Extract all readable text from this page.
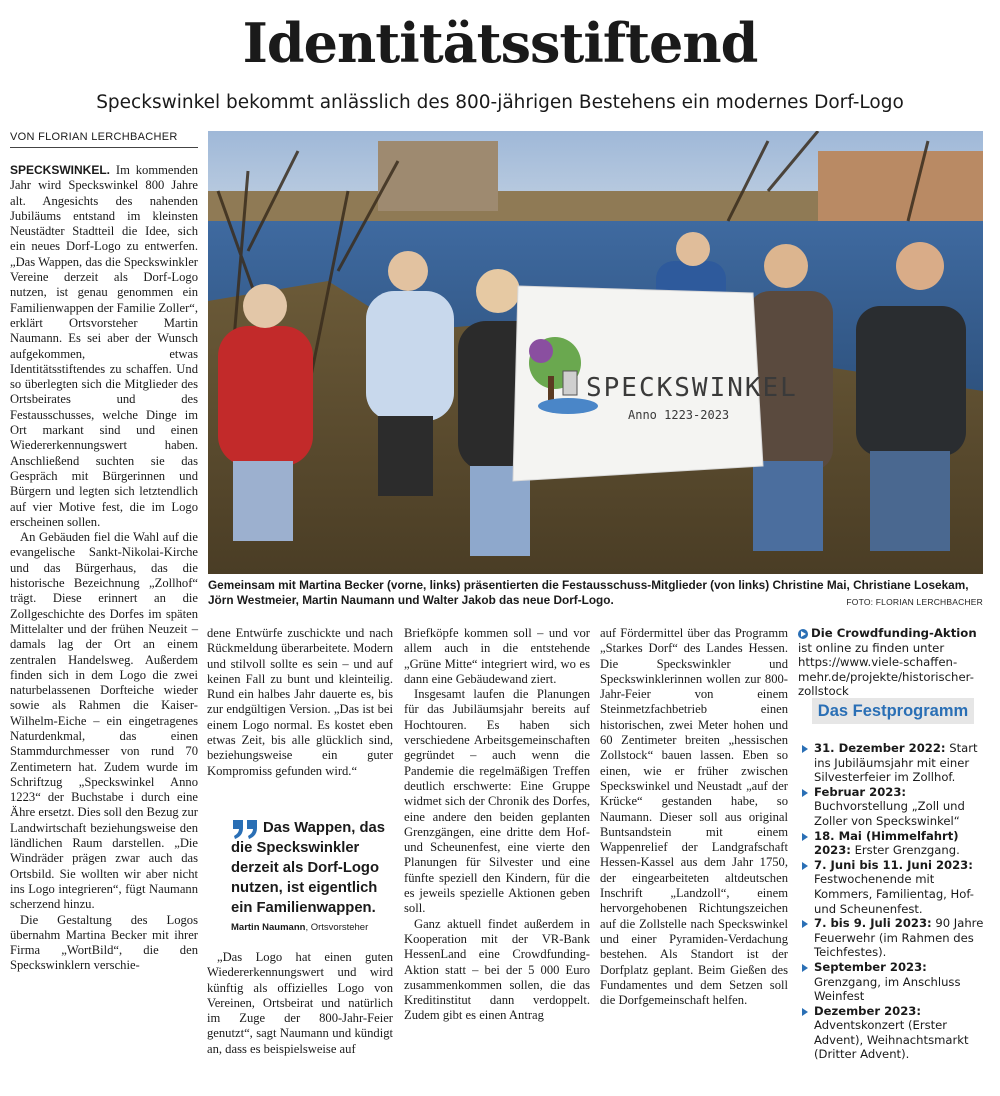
Identitätsstiftend
Speckswinkel bekommt anlässlich des 800-jährigen Bestehens ein modernes Dorf-Logo
VON FLORIAN LERCHBACHER

SPECKSWINKEL. Im kommenden Jahr wird Speckswinkel 800 Jahre alt. Angesichts des nahenden Jubiläums entstand im kleinsten Neustädter Stadtteil die Idee, sich ein neues Dorf-Logo zu entwerfen. „Das Wappen, das die Speckswinkler Vereine derzeit als Dorf-Logo nutzen, ist genau genommen ein Familienwappen der Familie Zoller“, erklärt Ortsvorsteher Martin Naumann. Es sei aber der Wunsch aufgekommen, etwas Identitätsstiftendes zu schaffen. Und so überlegten sich die Mitglieder des Ortsbeirates und des Festausschusses, welche Dinge im Ort markant sind und einen Wiedererkennungswert haben. Anschließend suchten sie das Gespräch mit Bürgerinnen und Bürgern und legten sich letztendlich auf vier Motive fest, die im Logo erscheinen sollen.

An Gebäuden fiel die Wahl auf die evangelische Sankt-Nikolai-Kirche und das Bürgerhaus, das die historische Bezeichnung „Zollhof“ trägt. Diese erinnert an die Zollgeschichte des Dorfes im späten Mittelalter und der frühen Neuzeit – damals lag der Ort an einem zentralen Handelsweg. Außerdem finden sich in dem Logo die zwei naturbelassenen Dorfteiche wieder sowie als Rahmen die Kaiser-Wilhelm-Eiche – ein eingetragenes Naturdenkmal, das einen Stammdurchmesser von rund 70 Zentimetern hat. Zudem wurde im Schriftzug „Speckswinkel Anno 1223“ der Buchstabe i durch eine Ähre ersetzt. Dies soll den Bezug zur Landwirtschaft beziehungsweise den ländlichen Raum darstellen. „Die Windräder prägen zwar auch das Ortsbild. Sie wollten wir aber nicht ins Logo integrieren“, fügt Naumann scherzend hinzu.

Die Gestaltung des Logos übernahm Martina Becker mit ihrer Firma „WortBild“, die den Speckswinklern verschie-

SPECKSWINKEL
Anno 1223-2023
Gemeinsam mit Martina Becker (vorne, links) präsentierten die Festausschuss-Mitglieder (von links) Christine Mai, Christiane Losekam, Jörn Westmeier, Martin Naumann und Walter Jakob das neue Dorf-Logo.	FOTO: FLORIAN LERCHBACHER

dene Entwürfe zuschickte und nach Rückmeldung überarbeitete. Modern und stilvoll sollte es sein – und auf keinen Fall zu bunt und kleinteilig. Rund ein halbes Jahr dauerte es, bis zur endgültigen Version. „Das ist bei einem Logo normal. Es kostet eben etwas Zeit, bis alle glücklich sind, beziehungsweise ein guter Kompromiss gefunden wird.“

„Das Logo hat einen guten Wiedererkennungswert und wird künftig als offizielles Logo von Vereinen, Ortsbeirat und natürlich im Zuge der 800-Jahr-Feier genutzt“, sagt Naumann und kündigt an, dass es beispielsweise auf

Das Wappen, das die Speckswinkler derzeit als Dorf-Logo nutzen, ist eigentlich ein Familienwappen.

Martin Naumann, Ortsvorsteher

Briefköpfe kommen soll – und vor allem auch in die entstehende „Grüne Mitte“ integriert wird, wo es dann eine Gebäudewand ziert.

Insgesamt laufen die Planungen für das Jubiläumsjahr bereits auf Hochtouren. Es haben sich verschiedene Arbeitsgemeinschaften gegründet – auch wenn die Pandemie die regelmäßigen Treffen deutlich erschwerte: Eine Gruppe widmet sich der Chronik des Dorfes, eine andere den beiden geplanten Grenzgängen, eine dritte dem Hof- und Scheunenfest, eine vierte den Planungen für Silvester und eine fünfte speziell den Kindern, für die es jeweils spezielle Aktionen geben soll.

Ganz aktuell findet außerdem in Kooperation mit der VR-Bank HessenLand eine Crowdfunding-Aktion statt – bei der 5 000 Euro zusammenkommen sollen, die das Kreditinstitut dann verdoppelt. Zudem gibt es einen Antrag

auf Fördermittel über das Programm „Starkes Dorf“ des Landes Hessen. Die Speckswinkler und Speckswinklerinnen wollen zur 800-Jahr-Feier von einem Steinmetzfachbetrieb einen historischen, zwei Meter hohen und 60 Zentimeter breiten „hessischen Zollstock“ bauen lassen. Eben so einen, wie er früher zwischen Speckswinkel und Neustadt „auf der Krücke“ gestanden habe, so Naumann. Dieser soll aus original Buntsandstein mit einem Wappenrelief der Landgrafschaft Hessen-Kassel aus dem Jahr 1750, der eingearbeiteten altdeutschen Inschrift „Landzoll“, einem hervorgehobenen Richtungszeichen auf die Zollstelle nach Speckswinkel und einer Pyramiden-Verdachung bestehen. Als Standort ist der Dorfplatz geplant. Beim Gießen des Fundamentes und dem Setzen soll die Dorfgemeinschaft helfen.

Die Crowdfunding-Aktion ist online zu finden unter https://www.viele-schaffen-mehr.de/projekte/historischer-zollstock
Das Festprogramm
31. Dezember 2022: Start ins Jubiläumsjahr mit einer Silvesterfeier im Zollhof.
Februar 2023: Buchvorstellung „Zoll und Zoller von Speckswinkel“
18. Mai (Himmelfahrt) 2023: Erster Grenzgang.
7. Juni bis 11. Juni 2023: Festwochenende mit Kommers, Familientag, Hof- und Scheunenfest.
7. bis 9. Juli 2023: 90 Jahre Feuerwehr (im Rahmen des Teichfestes).
September 2023: Grenzgang, im Anschluss Weinfest
Dezember 2023: Adventskonzert (Erster Advent), Weihnachtsmarkt (Dritter Advent).
